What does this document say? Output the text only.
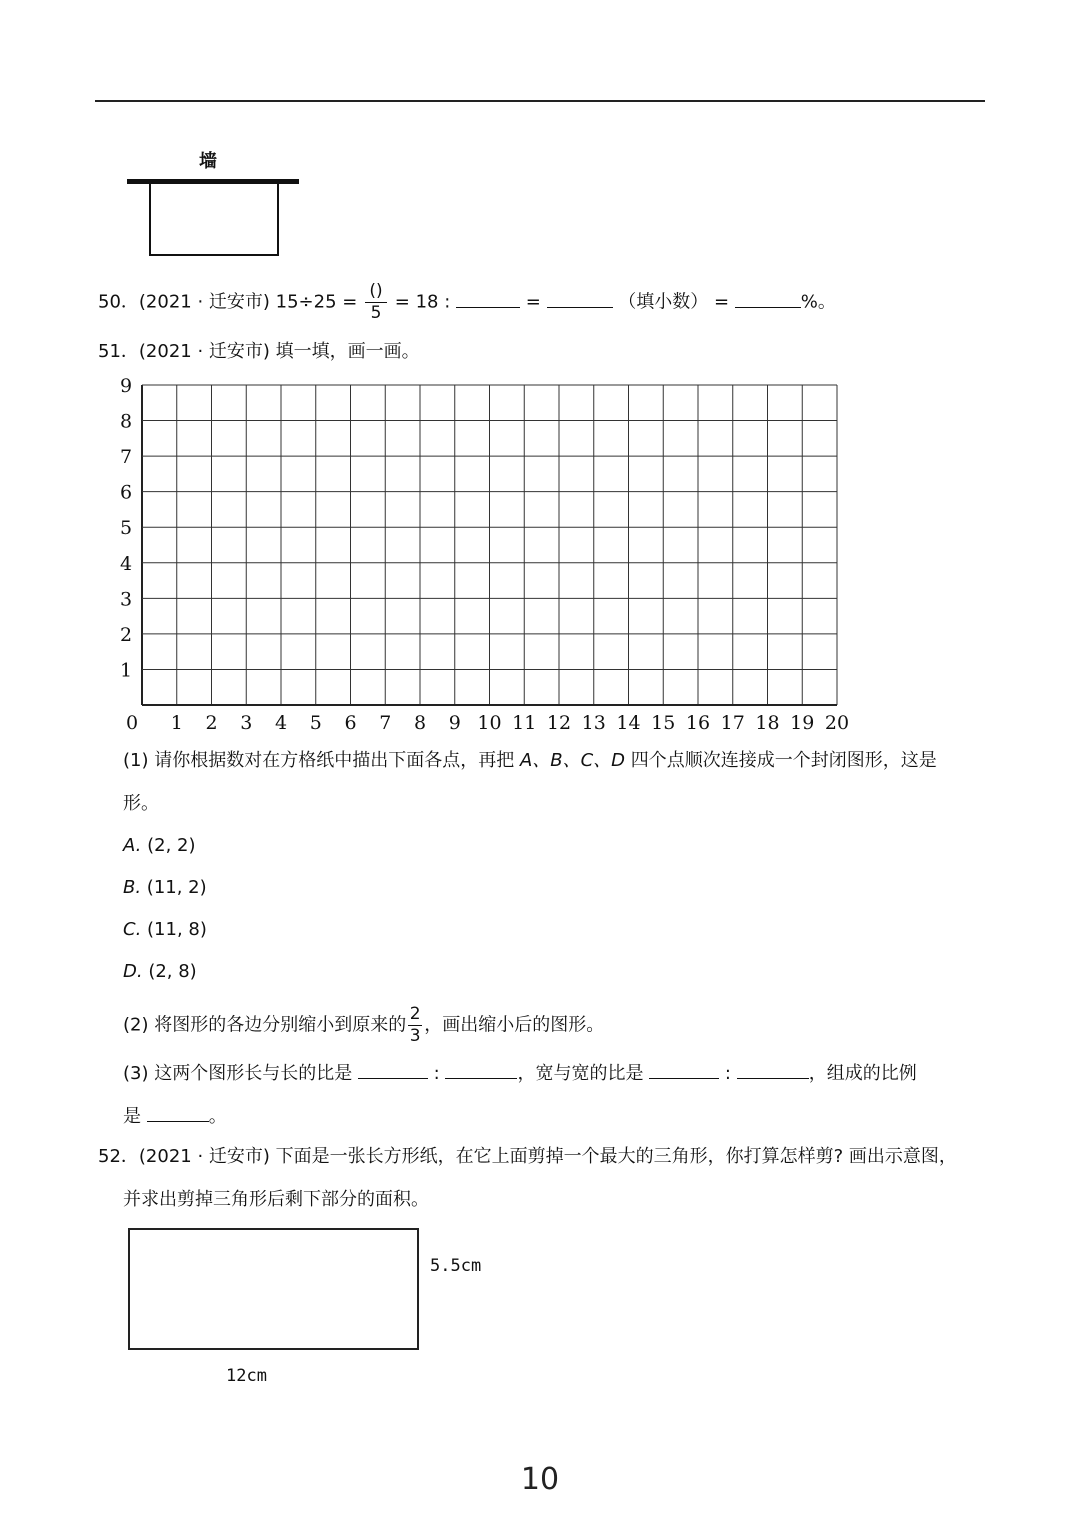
墙
50．(2021 · 迁安市) $15\div 25 = \frac{()}{5} = 18$ :	=	（填小数） =	%。
51．(2021 · 迁安市) 填一填，画一画。
0 1 2 3 4 5 6 7 8 9 10 11 12 13 14 15 16 17 18 19 20
1
2
3
4
5
6
7
8
9
(1) 请你根据数对在方格纸中描出下面各点，再把 A、B、C、D 四个点顺次连接成一个封闭图形，这是
形。
A. (2, 2)
B. (11, 2)
C. (11, 8)
D. (2, 8)
(2) 将图形的各边分别缩小到原来的 $\frac{2}{3}$ ，画出缩小后的图形。
(3) 这两个图形长与长的比是	:	，宽与宽的比是	:	，组成的比例
是	。
52．(2021 · 迁安市) 下面是一张长方形纸，在它上面剪掉一个最大的三角形，你打算怎样剪? 画出示意图，
并求出剪掉三角形后剩下部分的面积。
5.5cm
12cm
10
